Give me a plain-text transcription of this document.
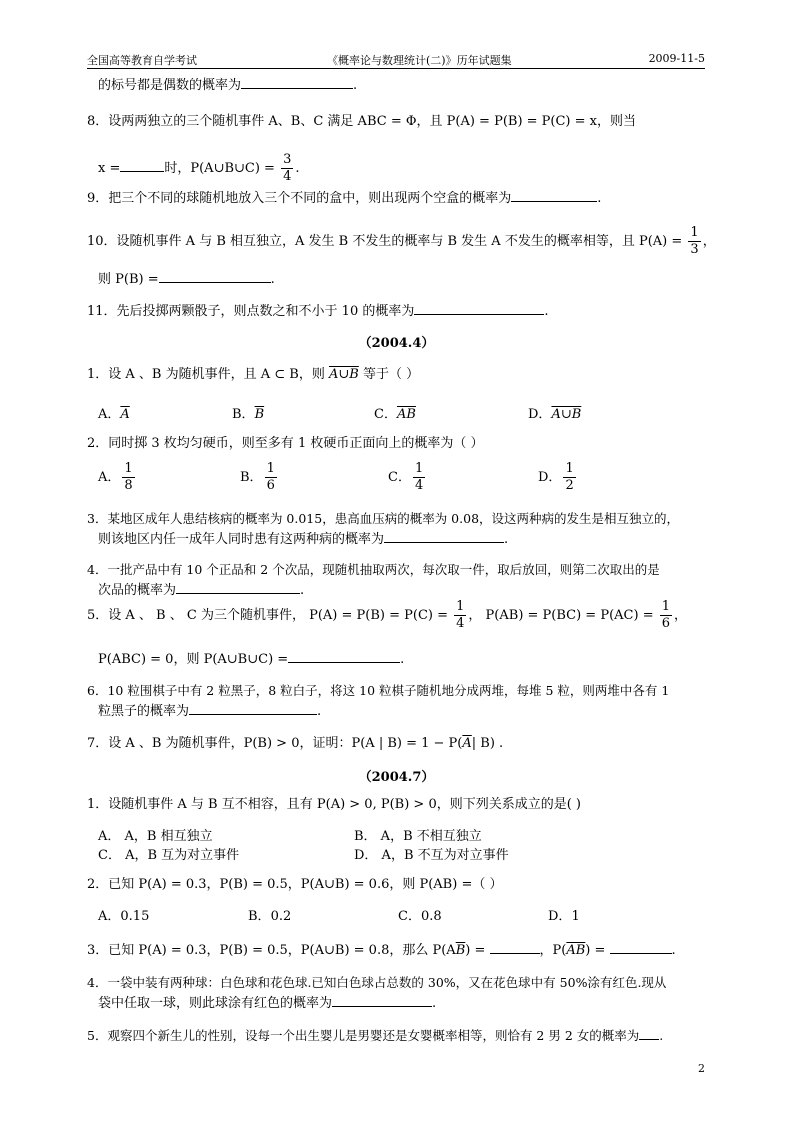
全国高等教育自学考试	《概率论与数理统计(二)》历年试题集	2009-11-5
的标号都是偶数的概率为	.
8．设两两独立的三个随机事件 A、B、C 满足 ABC = Φ，且 P(A) = P(B) = P(C) = x，则当
x =	时，P(A∪B∪C) = $\frac{3}{4}$ .
9．把三个不同的球随机地放入三个不同的盒中，则出现两个空盒的概率为	.
10．设随机事件 A 与 B 相互独立，A 发生 B 不发生的概率与 B 发生 A 不发生的概率相等，且 $P(A) = \frac{1}{3}$ ，
则 P(B) =	.
11．先后投掷两颗骰子，则点数之和不小于 10 的概率为	.
（2004.4）
1．设 A 、B 为随机事件，且 A ⊂ B，则 A∪B 等于（ ）
A．$\overline{A}$	B．$\overline{B}$	C．$\overline{AB}$	D．A∪B
2．同时掷 3 枚均匀硬币，则至多有 1 枚硬币正面向上的概率为（ ）
A． $\frac{1}{8}$	B． $\frac{1}{6}$	C． $\frac{1}{4}$	D． $\frac{1}{2}$
3．某地区成年人患结核病的概率为 0.015，患高血压病的概率为 0.08，设这两种病的发生是相互独立的，
则该地区内任一成年人同时患有这两种病的概率为	.
4．一批产品中有 10 个正品和 2 个次品，现随机抽取两次，每次取一件，取后放回，则第二次取出的是
次品的概率为	.
5．设 A 、 B 、 C 为三个随机事件， $P(A) = P(B) = P(C) = \frac{1}{4}$ ， $P(AB) = P(BC) = P(AC) = \frac{1}{6}$ ，
P(ABC) = 0，则 P(A∪B∪C) =	.
6．10 粒围棋子中有 2 粒黑子，8 粒白子，将这 10 粒棋子随机地分成两堆，每堆 5 粒，则两堆中各有 1
粒黑子的概率为	.
7．设 A 、B 为随机事件，P(B) > 0，证明：P(A | $B) = 1 - P(\overline{A}|$ B) .
（2004.7）
1．设随机事件 A 与 B 互不相容，且有 P(A) > 0, P(B) > 0，则下列关系成立的是( )
A． A，B 相互独立	B． A，B 不相互独立
C． A，B 互为对立事件	D． A，B 不互为对立事件
2．已知 P(A) = 0.3，P(B) = 0.5，P(A∪B) = 0.6，则 P(AB) =（ ）
A．0.15	B．0.2	C．0.8	D．1
3．已知 P(A) = 0.3，P(B) = 0.5，P(A∪B) = 0.8，那么 $P(A\overline{B})$ =	，$P(\overline{AB})$ =	.
4．一袋中装有两种球：白色球和花色球.已知白色球占总数的 30%，又在花色球中有 50%涂有红色.现从
袋中任取一球，则此球涂有红色的概率为	.
5．观察四个新生儿的性别，设每一个出生婴儿是男婴还是女婴概率相等，则恰有 2 男 2 女的概率为 .
2
